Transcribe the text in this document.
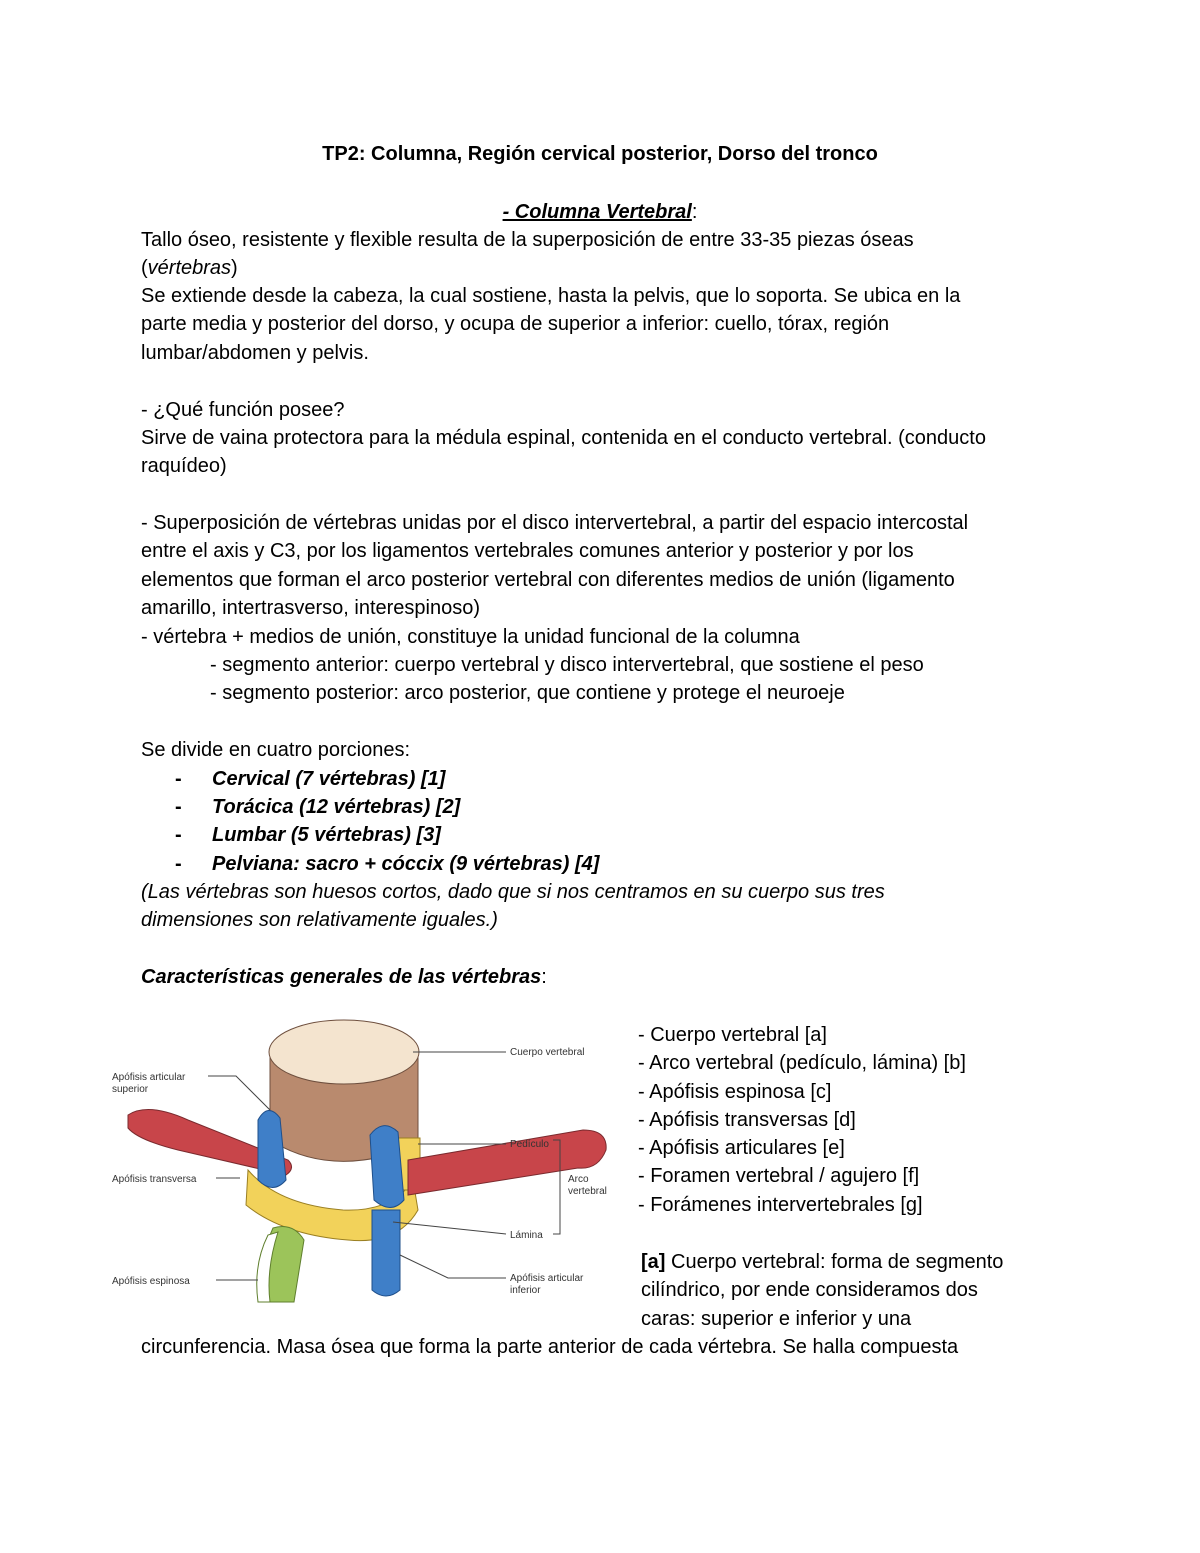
TP2: Columna, Región cervical posterior, Dorso del tronco
- Columna Vertebral:
Tallo óseo, resistente y flexible resulta de la superposición de entre 33-35 piezas óseas
(vértebras)
Se extiende desde la cabeza, la cual sostiene, hasta la pelvis, que lo soporta. Se ubica en la
parte media y posterior del dorso, y ocupa de superior a inferior: cuello, tórax, región
lumbar/abdomen y pelvis.
- ¿Qué función posee?
Sirve de vaina protectora para la médula espinal, contenida en el conducto vertebral. (conducto
raquídeo)
- Superposición de vértebras unidas por el disco intervertebral, a partir del espacio intercostal
entre el axis y C3, por los ligamentos vertebrales comunes anterior y posterior y por los
elementos que forman el arco posterior vertebral con diferentes medios de unión (ligamento
amarillo, intertrasverso, interespinoso)
- vértebra + medios de unión, constituye la unidad funcional de la columna
- segmento anterior: cuerpo vertebral y disco intervertebral, que sostiene el peso
- segmento posterior: arco posterior, que contiene y protege el neuroeje
Se divide en cuatro porciones:
- Cervical (7 vértebras) [1]
- Torácica (12 vértebras) [2]
- Lumbar (5 vértebras) [3]
- Pelviana: sacro + cóccix (9 vértebras) [4]
(Las vértebras son huesos cortos, dado que si nos centramos en su cuerpo sus tres
dimensiones son relativamente iguales.)
Características generales de las vértebras:
- Cuerpo vertebral [a]
- Arco vertebral (pedículo, lámina) [b]
- Apófisis espinosa [c]
- Apófisis transversas [d]
- Apófisis articulares [e]
- Foramen vertebral / agujero [f]
- Forámenes intervertebrales [g]
[a] Cuerpo vertebral: forma de segmento
cilíndrico, por ende consideramos dos
caras: superior e inferior y una
circunferencia. Masa ósea que forma la parte anterior de cada vértebra. Se halla compuesta
Cuerpo vertebral
Apófisis articular
superior
Pedículo
Arco
vertebral
Apófisis transversa
Lámina
Apófisis espinosa	Apófisis articular
inferior
